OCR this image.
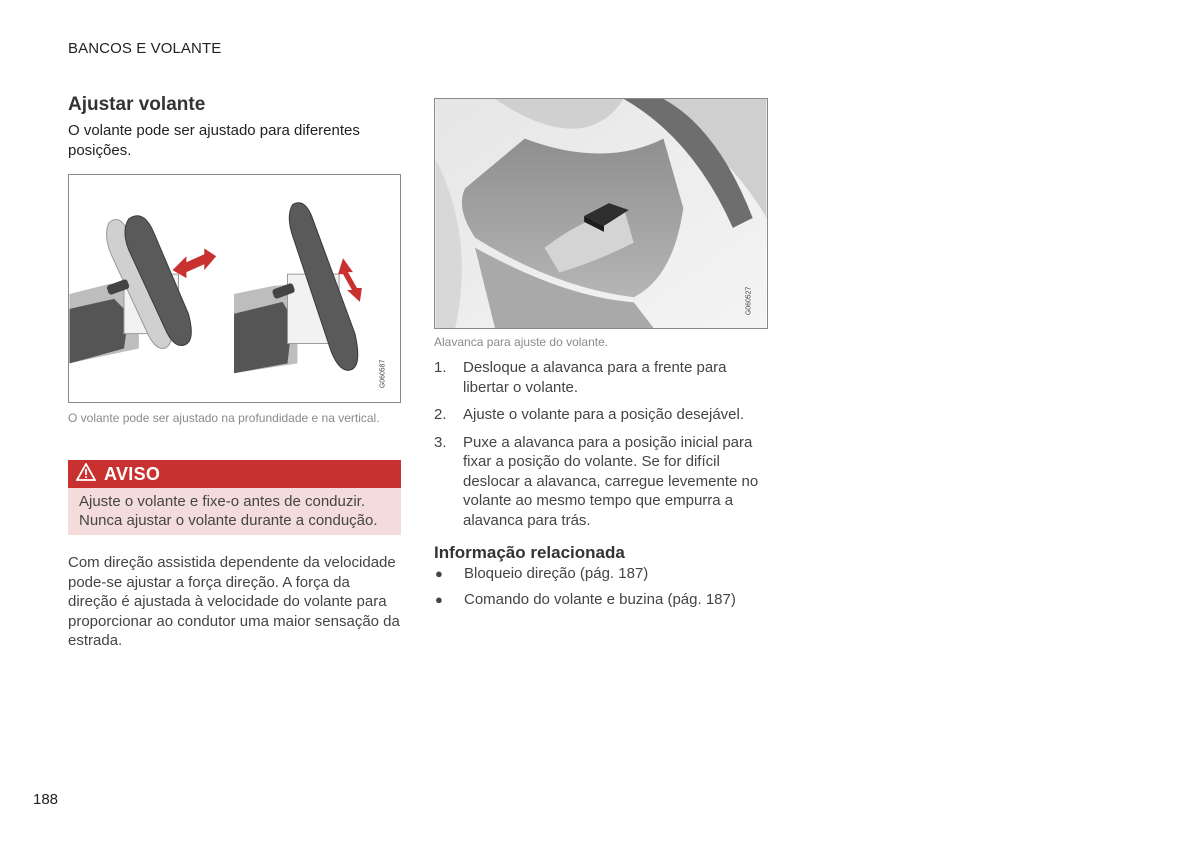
BANCOS E VOLANTE
Ajustar volante

O volante pode ser ajustado para diferentes posições.

G060587

O volante pode ser ajustado na profundidade e na vertical.

AVISO

Ajuste o volante e fixe-o antes de conduzir.

Nunca ajustar o volante durante a condução.

Com direção assistida dependente da velocidade pode-se ajustar a força direção. A força da direção é ajustada à velocidade do volante para proporcionar ao condutor uma maior sensação da estrada.

G060527

Alavanca para ajuste do volante.

1.	Desloque a alavanca para a frente para libertar o volante.
2.	Ajuste o volante para a posição desejável.
3.	Puxe a alavanca para a posição inicial para fixar a posição do volante. Se for difícil deslocar a alavanca, carregue levemente no volante ao mesmo tempo que empurra a alavanca para trás.
Informação relacionada
●	Bloqueio direção (pág. 187)
●	Comando do volante e buzina (pág. 187)
188
